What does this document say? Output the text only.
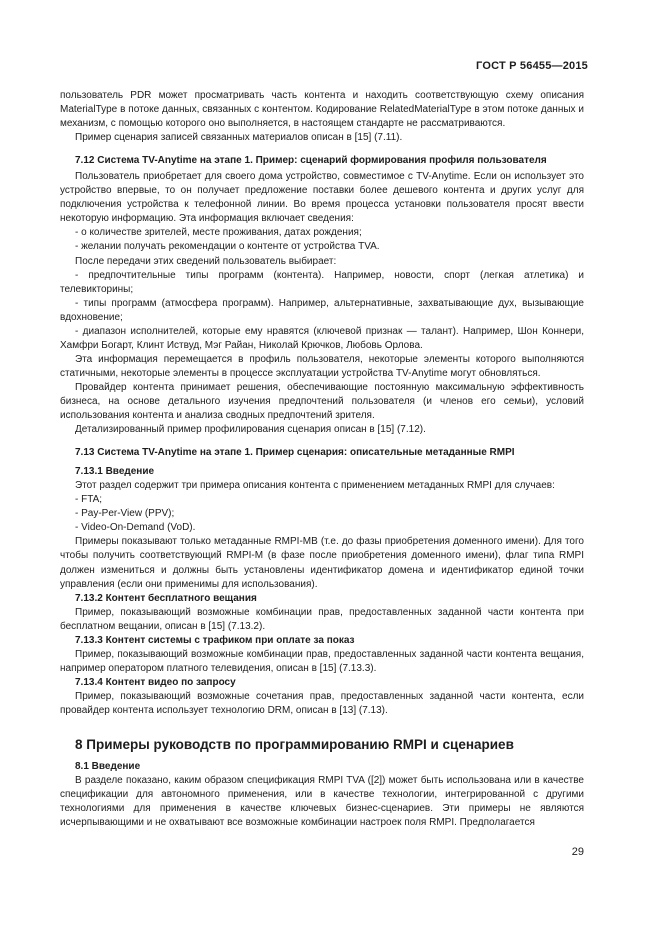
ГОСТ Р 56455—2015

пользователь PDR может просматривать часть контента и находить соответствующую схему описания MaterialType в потоке данных, связанных с контентом. Кодирование RelatedMaterialType в этом потоке данных и механизм, с помощью которого оно выполняется, в настоящем стандарте не рассматриваются.

Пример сценария записей связанных материалов описан в [15] (7.11).

7.12 Система TV-Anytime на этапе 1. Пример: сценарий формирования профиля пользователя

Пользователь приобретает для своего дома устройство, совместимое с TV-Anytime. Если он использует это устройство впервые, то он получает предложение поставки более дешевого контента и других услуг для подключения устройства к телефонной линии. Во время процесса установки пользователя просят ввести некоторую информацию. Эта информация включает сведения:

- о количестве зрителей, месте проживания, датах рождения;

- желании получать рекомендации о контенте от устройства TVA.

После передачи этих сведений пользователь выбирает:

- предпочтительные типы программ (контента). Например, новости, спорт (легкая атлетика) и телевикторины;

- типы программ (атмосфера программ). Например, альтернативные, захватывающие дух, вызывающие вдохновение;

- диапазон исполнителей, которые ему нравятся (ключевой признак — талант). Например, Шон Коннери, Хамфри Богарт, Клинт Иствуд, Мэг Райан, Николай Крючков, Любовь Орлова.

Эта информация перемещается в профиль пользователя, некоторые элементы которого выполняются статичными, некоторые элементы в процессе эксплуатации устройства TV-Anytime могут обновляться.

Провайдер контента принимает решения, обеспечивающие постоянную максимальную эффективность бизнеса, на основе детального изучения предпочтений пользователя (и членов его семьи), условий использования контента и анализа сводных предпочтений зрителя.

Детализированный пример профилирования сценария описан в [15] (7.12).

7.13 Система TV-Anytime на этапе 1. Пример сценария: описательные метаданные RMPI

7.13.1 Введение

Этот раздел содержит три примера описания контента с применением метаданных RMPI для случаев:

- FTA;

- Pay-Per-View (PPV);

- Video-On-Demand (VoD).

Примеры показывают только метаданные RMPI-MB (т.е. до фазы приобретения доменного имени). Для того чтобы получить соответствующий RMPI-M (в фазе после приобретения доменного имени), флаг типа RMPI должен измениться и должны быть установлены идентификатор домена и идентификатор единой точки управления (если они применимы для использования).

7.13.2 Контент бесплатного вещания

Пример, показывающий возможные комбинации прав, предоставленных заданной части контента при бесплатном вещании, описан в [15] (7.13.2).

7.13.3 Контент системы с трафиком при оплате за показ

Пример, показывающий возможные комбинации прав, предоставленных заданной части контента вещания, например оператором платного телевидения, описан в [15] (7.13.3).

7.13.4 Контент видео по запросу

Пример, показывающий возможные сочетания прав, предоставленных заданной части контента, если провайдер контента использует технологию DRM, описан в [13] (7.13).

8 Примеры руководств по программированию RMPI и сценариев

8.1 Введение

В разделе показано, каким образом спецификация RMPI TVA ([2]) может быть использована или в качестве спецификации для автономного применения, или в качестве технологии, интегрированной с другими технологиями для применения в качестве ключевых бизнес-сценариев. Эти примеры не являются исчерпывающими и не охватывают все возможные комбинации настроек поля RMPI. Предполагается

29
